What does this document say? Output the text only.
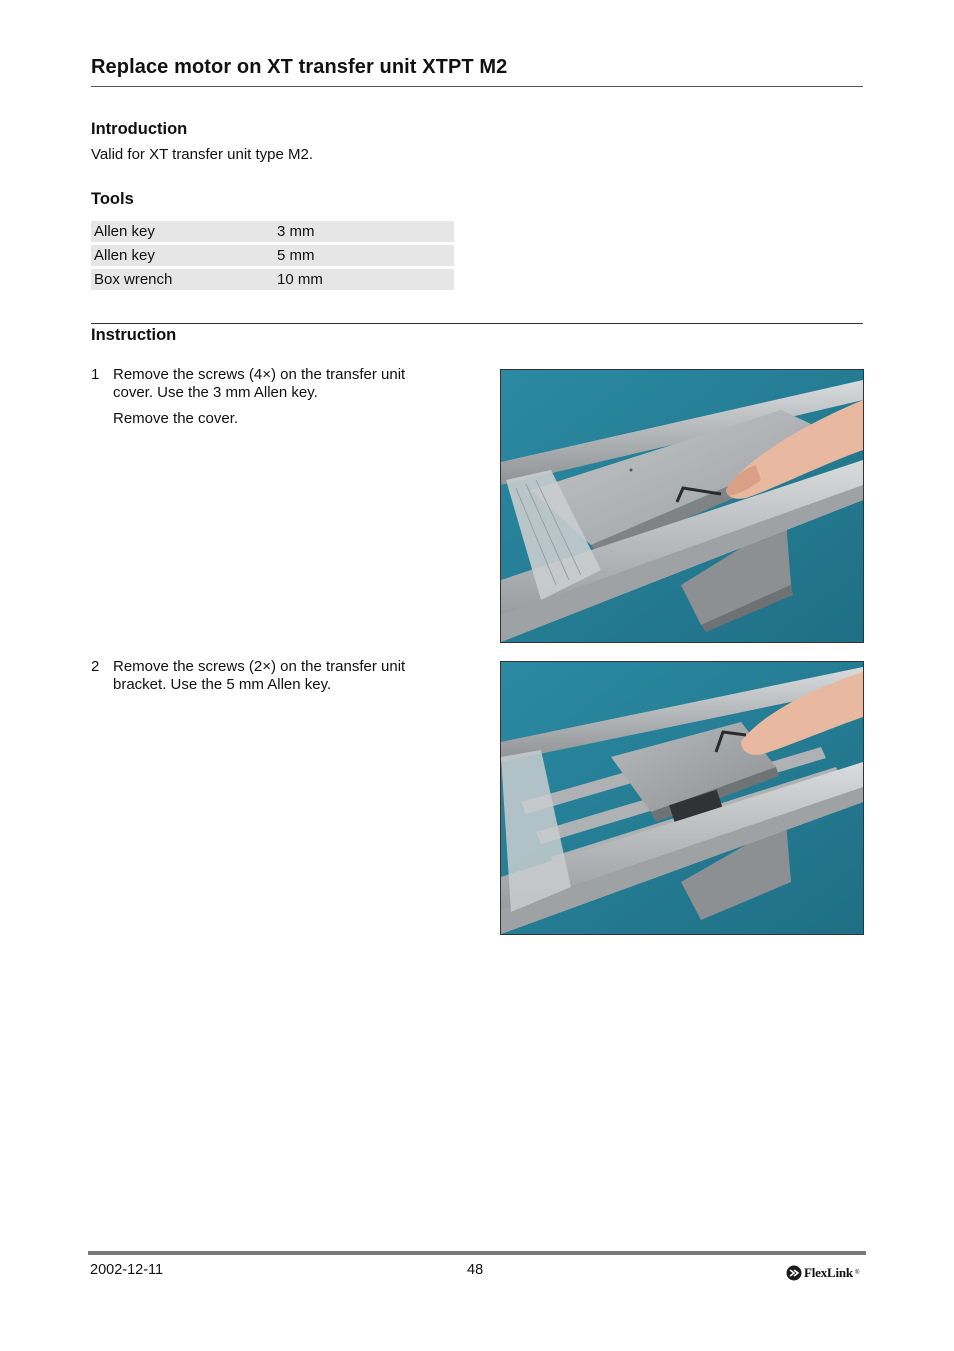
Replace motor on XT transfer unit XTPT M2
Introduction
Valid for XT transfer unit type M2.
Tools
Allen key	3 mm
Allen key	5 mm
Box wrench	10 mm
Instruction
1 Remove the screws (4×) on the transfer unit
cover. Use the 3 mm Allen key.
Remove the cover.
2 Remove the screws (2×) on the transfer unit
bracket. Use the 5 mm Allen key.
2002-12-11	48	FlexLink ®
